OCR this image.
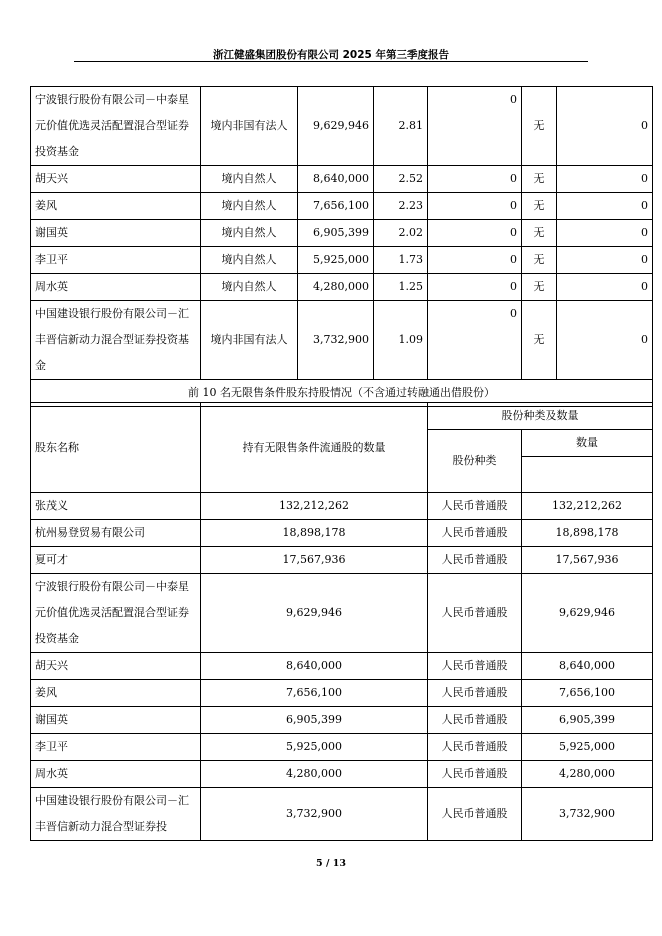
浙江健盛集团股份有限公司 2025 年第三季度报告
宁波银行股份有限公司－中泰星元价值优选灵活配置混合型证券投资基金	境内非国有法人	9,629,946	2.81	0	无	0
胡天兴	境内自然人	8,640,000	2.52	0	无	0
姜风	境内自然人	7,656,100	2.23	0	无	0
谢国英	境内自然人	6,905,399	2.02	0	无	0
李卫平	境内自然人	5,925,000	1.73	0	无	0
周水英	境内自然人	4,280,000	1.25	0	无	0
中国建设银行股份有限公司－汇丰晋信新动力混合型证券投资基金	境内非国有法人	3,732,900	1.09	0	无	0
前 10 名无限售条件股东持股情况（不含通过转融通出借股份）						
股东名称	持有无限售条件流通股的数量	股份种类及数量	
		股份种类	数量

张茂义	132,212,262	人民币普通股	132,212,262
杭州易登贸易有限公司	18,898,178	人民币普通股	18,898,178
夏可才	17,567,936	人民币普通股	17,567,936
宁波银行股份有限公司－中泰星元价值优选灵活配置混合型证券投资基金	9,629,946	人民币普通股	9,629,946
胡天兴	8,640,000	人民币普通股	8,640,000
姜风	7,656,100	人民币普通股	7,656,100
谢国英	6,905,399	人民币普通股	6,905,399
李卫平	5,925,000	人民币普通股	5,925,000
周水英	4,280,000	人民币普通股	4,280,000
中国建设银行股份有限公司－汇丰晋信新动力混合型证券投	3,732,900	人民币普通股	3,732,900
5 / 13
